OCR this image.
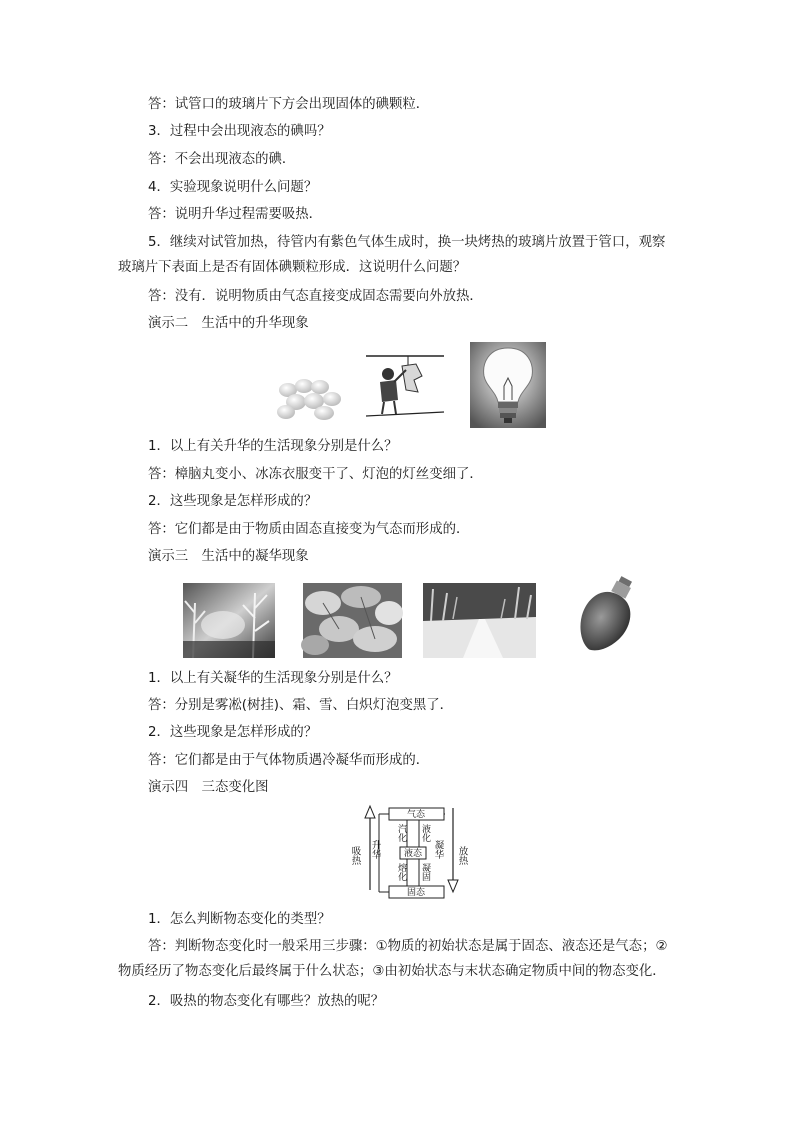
答：试管口的玻璃片下方会出现固体的碘颗粒．
3．过程中会出现液态的碘吗？
答：不会出现液态的碘．
4．实验现象说明什么问题？
答：说明升华过程需要吸热．
5．继续对试管加热，待管内有紫色气体生成时，换一块烤热的玻璃片放置于管口，观察玻璃片下表面上是否有固体碘颗粒形成．这说明什么问题？
答：没有．说明物质由气态直接变成固态需要向外放热．
演示二　生活中的升华现象
1．以上有关升华的生活现象分别是什么？
答：樟脑丸变小、冰冻衣服变干了、灯泡的灯丝变细了．
2．这些现象是怎样形成的？
答：它们都是由于物质由固态直接变为气态而形成的．
演示三　生活中的凝华现象
1．以上有关凝华的生活现象分别是什么？
答：分别是雾凇(树挂)、霜、雪、白炽灯泡变黑了．
2．这些现象是怎样形成的？
答：它们都是由于气体物质遇冷凝华而形成的．
演示四　三态变化图
气态
液态
固态
吸热 升华
汽化 液化
熔化 凝固
凝华 放热
1．怎么判断物态变化的类型？
答：判断物态变化时一般采用三步骤：①物质的初始状态是属于固态、液态还是气态；②物质经历了物态变化后最终属于什么状态；③由初始状态与末状态确定物质中间的物态变化．
2．吸热的物态变化有哪些？放热的呢？
